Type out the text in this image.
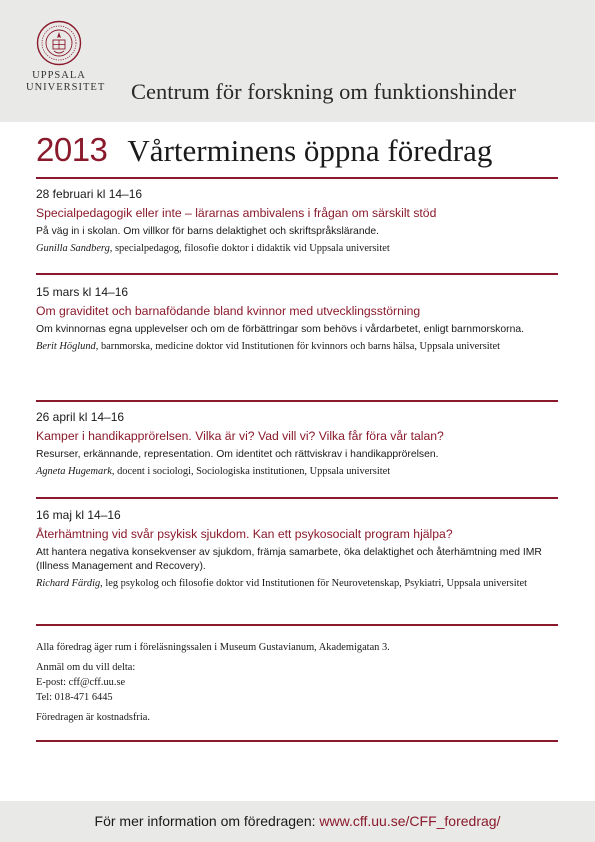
UPPSALA
UNIVERSITET Centrum för forskning om funktionshinder
2013 Vårterminens öppna föredrag
28 februari kl 14–16
Specialpedagogik eller inte – lärarnas ambivalens i frågan om särskilt stöd
På väg in i skolan. Om villkor för barns delaktighet och skriftspråkslärande.
Gunilla Sandberg, specialpedagog, filosofie doktor i didaktik vid Uppsala universitet
15 mars kl 14–16
Om graviditet och barnafödande bland kvinnor med utvecklingsstörning
Om kvinnornas egna upplevelser och om de förbättringar som behövs i vårdarbetet, enligt barnmorskorna.
Berit Höglund, barnmorska, medicine doktor vid Institutionen för kvinnors och barns hälsa, Uppsala universitet
26 april kl 14–16
Kamper i handikapprörelsen. Vilka är vi? Vad vill vi? Vilka får föra vår talan?
Resurser, erkännande, representation. Om identitet och rättviskrav i handikapprörelsen.
Agneta Hugemark, docent i sociologi, Sociologiska institutionen, Uppsala universitet
16 maj kl 14–16
Återhämtning vid svår psykisk sjukdom. Kan ett psykosocialt program hjälpa?
Att hantera negativa konsekvenser av sjukdom, främja samarbete, öka delaktighet och återhämtning med IMR (Illness Management and Recovery).
Richard Färdig, leg psykolog och filosofie doktor vid Institutionen för Neurovetenskap, Psykiatri, Uppsala universitet
Alla föredrag äger rum i föreläsningssalen i Museum Gustavianum, Akademigatan 3.
Anmäl om du vill delta:
E-post: cff@cff.uu.se
Tel: 018-471 6445
Föredragen är kostnadsfria.
För mer information om föredragen: www.cff.uu.se/CFF_foredrag/
